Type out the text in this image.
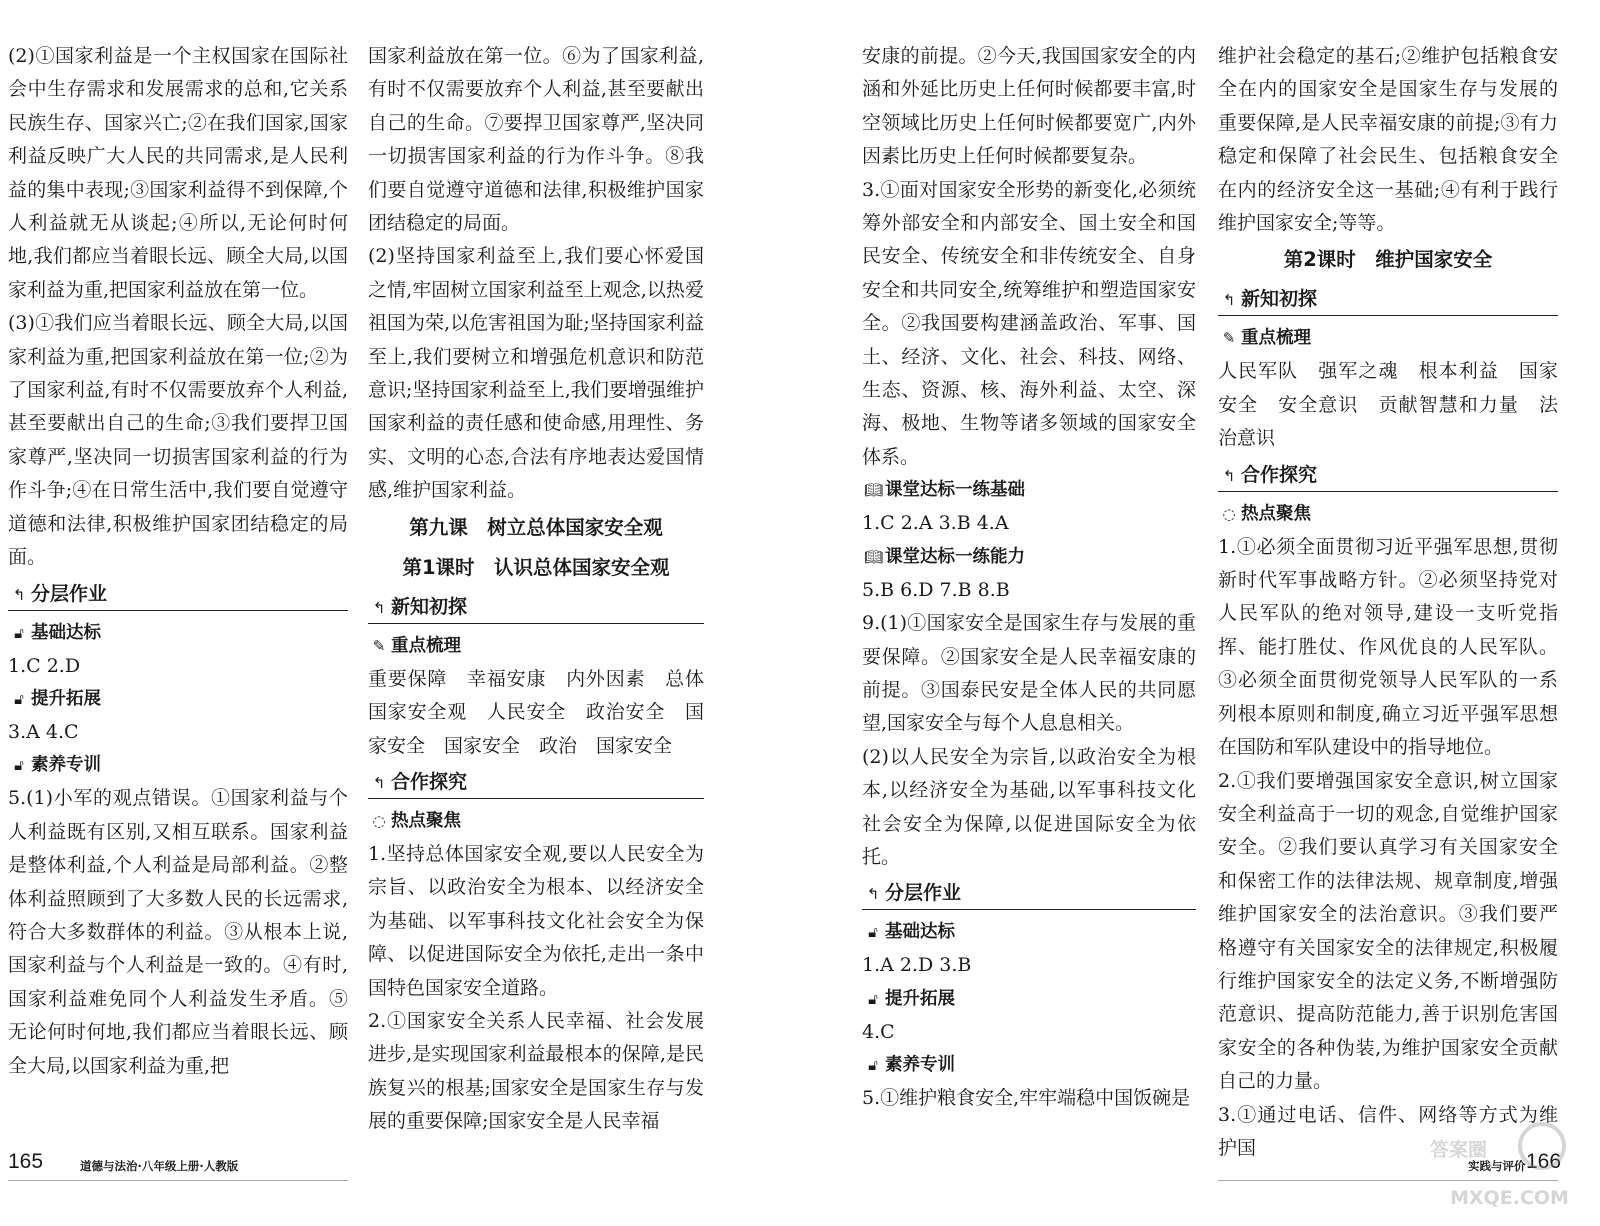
(2)①国家利益是一个主权国家在国际社会中生存需求和发展需求的总和,它关系民族生存、国家兴亡;②在我们国家,国家利益反映广大人民的共同需求,是人民利益的集中表现;③国家利益得不到保障,个人利益就无从谈起;④所以,无论何时何地,我们都应当着眼长远、顾全大局,以国家利益为重,把国家利益放在第一位。

(3)①我们应当着眼长远、顾全大局,以国家利益为重,把国家利益放在第一位;②为了国家利益,有时不仅需要放弃个人利益,甚至要献出自己的生命;③我们要捍卫国家尊严,坚决同一切损害国家利益的行为作斗争;④在日常生活中,我们要自觉遵守道德和法律,积极维护国家团结稳定的局面。

↰ 分层作业
🔓︎ 基础达标

1.C 2.D

🔓︎ 提升拓展

3.A 4.C

🔓︎ 素养专训

5.(1)小军的观点错误。①国家利益与个人利益既有区别,又相互联系。国家利益是整体利益,个人利益是局部利益。②整体利益照顾到了大多数人民的长远需求,符合大多数群体的利益。③从根本上说,国家利益与个人利益是一致的。④有时,国家利益难免同个人利益发生矛盾。⑤无论何时何地,我们都应当着眼长远、顾全大局,以国家利益为重,把

国家利益放在第一位。⑥为了国家利益,有时不仅需要放弃个人利益,甚至要献出自己的生命。⑦要捍卫国家尊严,坚决同一切损害国家利益的行为作斗争。⑧我们要自觉遵守道德和法律,积极维护国家团结稳定的局面。

(2)坚持国家利益至上,我们要心怀爱国之情,牢固树立国家利益至上观念,以热爱祖国为荣,以危害祖国为耻;坚持国家利益至上,我们要树立和增强危机意识和防范意识;坚持国家利益至上,我们要增强维护国家利益的责任感和使命感,用理性、务实、文明的心态,合法有序地表达爱国情感,维护国家利益。

第九课　树立总体国家安全观
第1课时　认识总体国家安全观
↰ 新知初探
✎ 重点梳理

重要保障　幸福安康　内外因素　总体国家安全观　人民安全　政治安全　国家安全　国家安全　政治　国家安全

↰ 合作探究
◌ 热点聚焦

1.坚持总体国家安全观,要以人民安全为宗旨、以政治安全为根本、以经济安全为基础、以军事科技文化社会安全为保障、以促进国际安全为依托,走出一条中国特色国家安全道路。

2.①国家安全关系人民幸福、社会发展进步,是实现国家利益最根本的保障,是民族复兴的根基;国家安全是国家生存与发展的重要保障;国家安全是人民幸福

165	道德与法治·八年级上册·人教版

安康的前提。②今天,我国国家安全的内涵和外延比历史上任何时候都要丰富,时空领域比历史上任何时候都要宽广,内外因素比历史上任何时候都要复杂。

3.①面对国家安全形势的新变化,必须统筹外部安全和内部安全、国土安全和国民安全、传统安全和非传统安全、自身安全和共同安全,统筹维护和塑造国家安全。②我国要构建涵盖政治、军事、国土、经济、文化、社会、科技、网络、生态、资源、核、海外利益、太空、深海、极地、生物等诸多领域的国家安全体系。

📖︎ 课堂达标一练基础

1.C 2.A 3.B 4.A

📖︎ 课堂达标一练能力

5.B 6.D 7.B 8.B

9.(1)①国家安全是国家生存与发展的重要保障。②国家安全是人民幸福安康的前提。③国泰民安是全体人民的共同愿望,国家安全与每个人息息相关。

(2)以人民安全为宗旨,以政治安全为根本,以经济安全为基础,以军事科技文化社会安全为保障,以促进国际安全为依托。

↰ 分层作业
🔓︎ 基础达标

1.A 2.D 3.B

🔓︎ 提升拓展

4.C

🔓︎ 素养专训

5.①维护粮食安全,牢牢端稳中国饭碗是

维护社会稳定的基石;②维护包括粮食安全在内的国家安全是国家生存与发展的重要保障,是人民幸福安康的前提;③有力稳定和保障了社会民生、包括粮食安全在内的经济安全这一基础;④有利于践行维护国家安全;等等。

第2课时　维护国家安全
↰ 新知初探
✎ 重点梳理

人民军队　强军之魂　根本利益　国家安全　安全意识　贡献智慧和力量　法治意识

↰ 合作探究
◌ 热点聚焦

1.①必须全面贯彻习近平强军思想,贯彻新时代军事战略方针。②必须坚持党对人民军队的绝对领导,建设一支听党指挥、能打胜仗、作风优良的人民军队。③必须全面贯彻党领导人民军队的一系列根本原则和制度,确立习近平强军思想在国防和军队建设中的指导地位。

2.①我们要增强国家安全意识,树立国家安全利益高于一切的观念,自觉维护国家安全。②我们要认真学习有关国家安全和保密工作的法律法规、规章制度,增强维护国家安全的法治意识。③我们要严格遵守有关国家安全的法律规定,积极履行维护国家安全的法定义务,不断增强防范意识、提高防范能力,善于识别危害国家安全的各种伪装,为维护国家安全贡献自己的力量。

3.①通过电话、信件、网络等方式为维护国

实践与评价 166
答案圈
MXQE.COM
